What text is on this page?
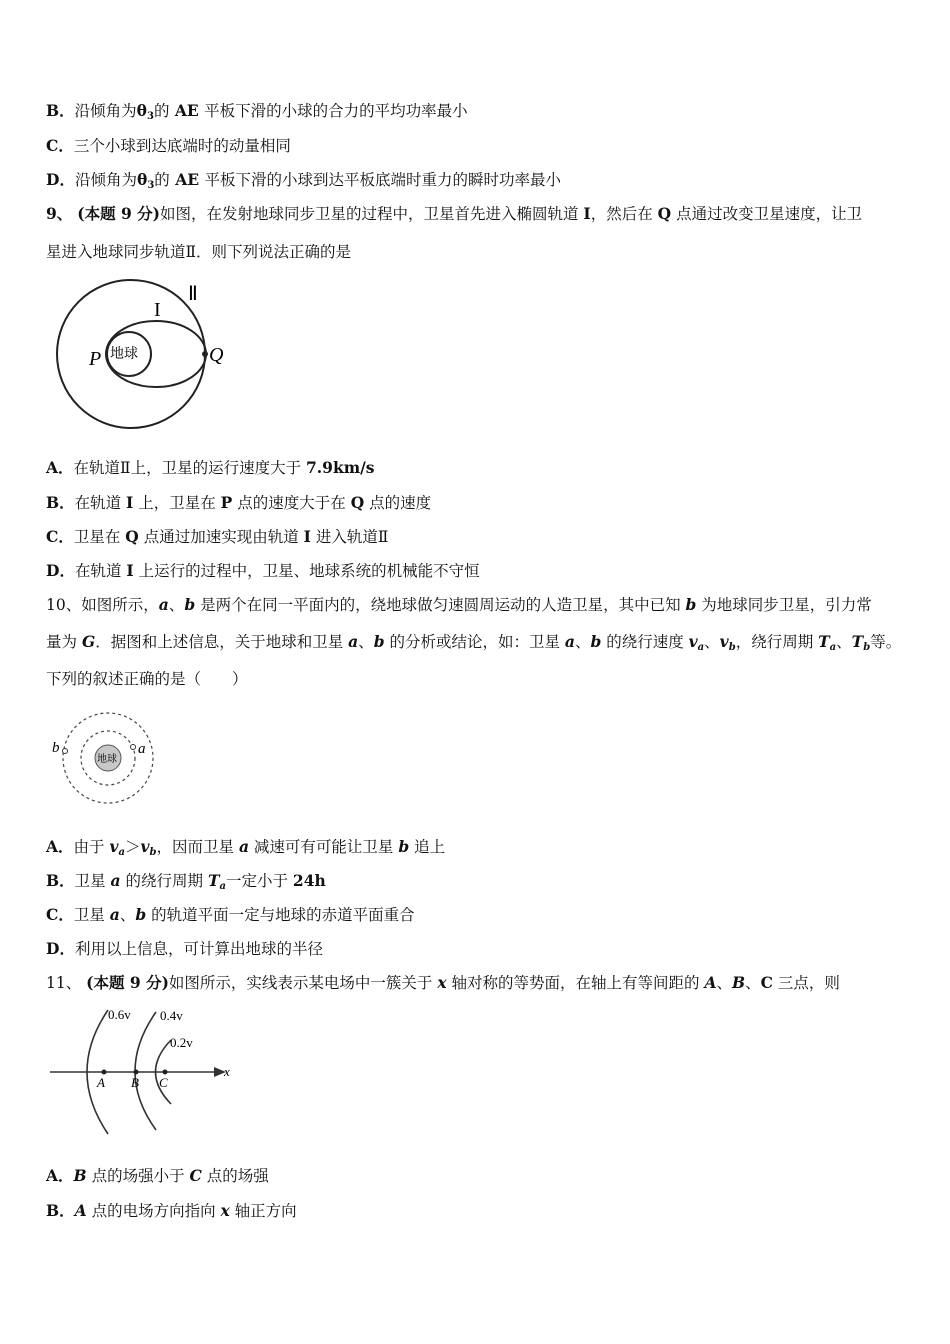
B．沿倾角为$\theta_3$的 AE 平板下滑的小球的合力的平均功率最小
C．三个小球到达底端时的动量相同
D．沿倾角为$\theta_3$的 AE 平板下滑的小球到达平板底端时重力的瞬时功率最小
9、 (本题 9 分)如图，在发射地球同步卫星的过程中，卫星首先进入椭圆轨道 I，然后在 Q 点通过改变卫星速度，让卫
星进入地球同步轨道Ⅱ．则下列说法正确的是
Ⅱ
I
P	Q
地球
A．在轨道Ⅱ上，卫星的运行速度大于 7.9km/s
B．在轨道 I 上，卫星在 P 点的速度大于在 Q 点的速度
C．卫星在 Q 点通过加速实现由轨道 I 进入轨道Ⅱ
D．在轨道 I 上运行的过程中，卫星、地球系统的机械能不守恒
10、如图所示，a、b 是两个在同一平面内的，绕地球做匀速圆周运动的人造卫星，其中已知 b 为地球同步卫星，引力常
量为 G．据图和上述信息，关于地球和卫星 a、b 的分析或结论，如：卫星 a、b 的绕行速度 $v_a$、$v_b$，绕行周期 $T_a$、$T_b$等。
下列的叙述正确的是（　　）
地球
a
b
A．由于 $v_a>v_b$，因而卫星 a 减速可有可能让卫星 b 追上
B．卫星 a 的绕行周期 $T_a$一定小于 24h
C．卫星 a、b 的轨道平面一定与地球的赤道平面重合
D．利用以上信息，可计算出地球的半径
11、 (本题 9 分)如图所示，实线表示某电场中一簇关于 x 轴对称的等势面，在轴上有等间距的 A、B、C 三点，则
A B C
x
0.6v 0.4v
0.2v
A．B 点的场强小于 C 点的场强
B．A 点的电场方向指向 x 轴正方向
